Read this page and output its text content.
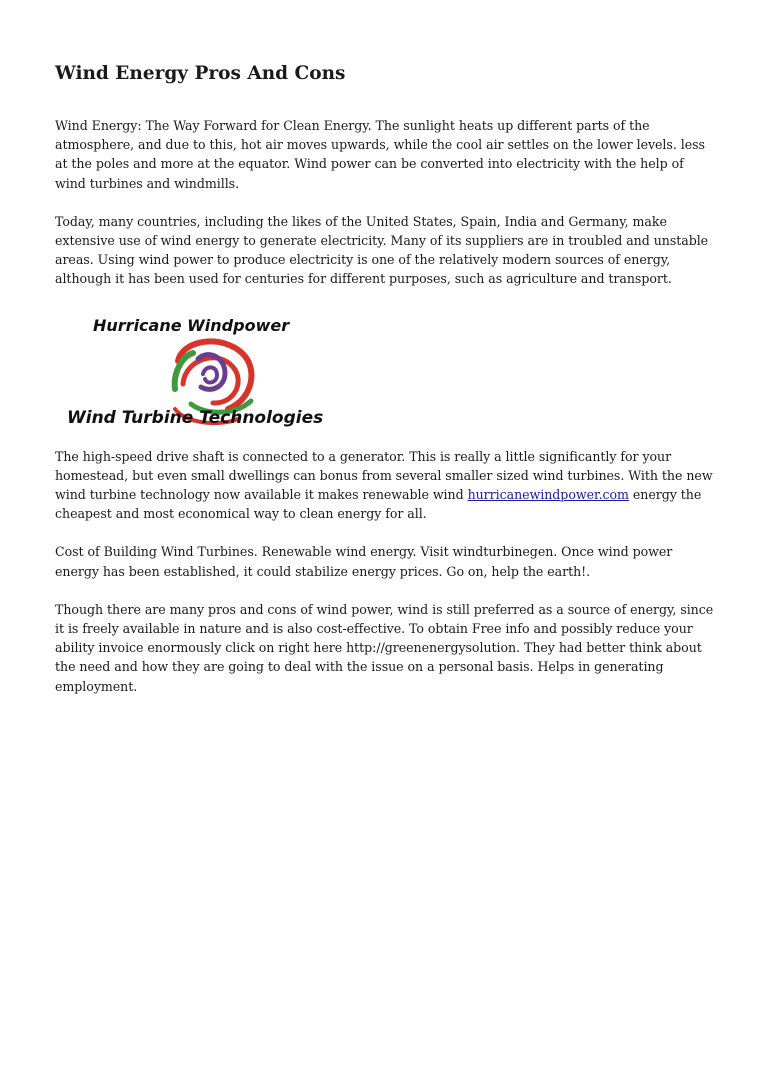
Wind Energy Pros And Cons

Wind Energy: The Way Forward for Clean Energy. The sunlight heats up different parts of the atmosphere, and due to this, hot air moves upwards, while the cool air settles on the lower levels. less at the poles and more at the equator. Wind power can be converted into electricity with the help of wind turbines and windmills.

Today, many countries, including the likes of the United States, Spain, India and Germany, make extensive use of wind energy to generate electricity. Many of its suppliers are in troubled and unstable areas. Using wind power to produce electricity is one of the relatively modern sources of energy, although it has been used for centuries for different purposes, such as agriculture and transport.

Hurricane Windpower
Wind Turbine Technologies

The high-speed drive shaft is connected to a generator. This is really a little significantly for your homestead, but even small dwellings can bonus from several smaller sized wind turbines. With the new wind turbine technology now available it makes renewable wind hurricanewindpower.com energy the cheapest and most economical way to clean energy for all.

Cost of Building Wind Turbines. Renewable wind energy. Visit windturbinegen. Once wind power energy has been established, it could stabilize energy prices. Go on, help the earth!.

Though there are many pros and cons of wind power, wind is still preferred as a source of energy, since it is freely available in nature and is also cost-effective. To obtain Free info and possibly reduce your ability invoice enormously click on right here http://greenenergysolution. They had better think about the need and how they are going to deal with the issue on a personal basis. Helps in generating employment.
